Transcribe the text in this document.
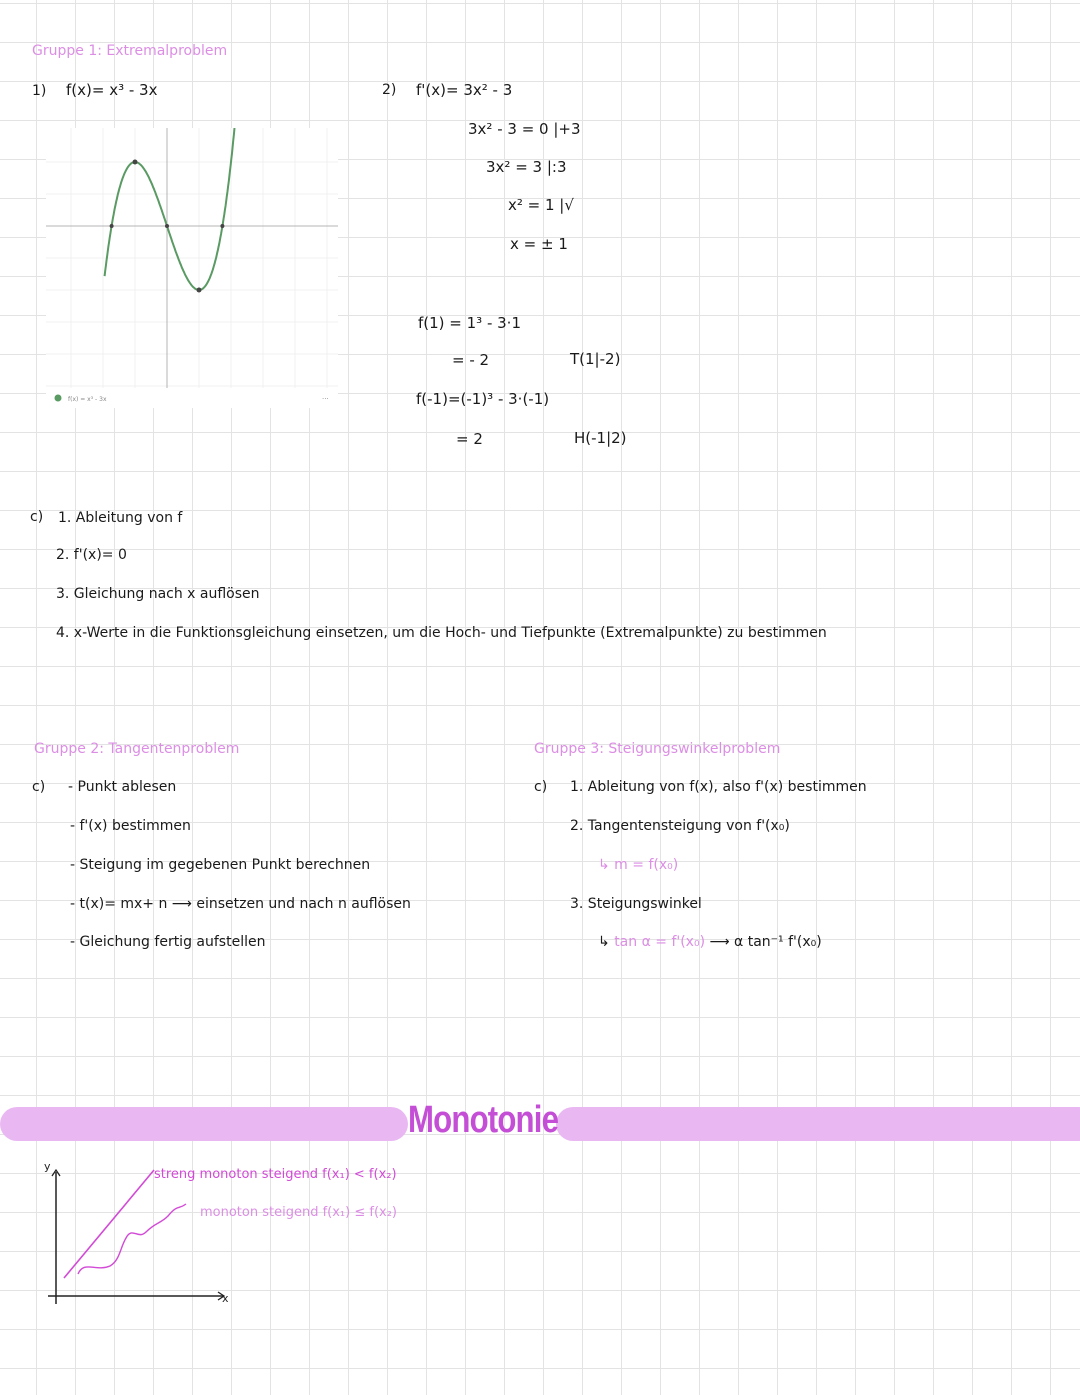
Gruppe 1: Extremalproblem
1) f(x)= x³ - 3x
f(x) = x³ - 3x	···
2) f'(x)= 3x² - 3
3x² - 3 = 0 |+3
3x² = 3 |:3
x² = 1 |√
x = ± 1
f(1) = 1³ - 3·1
= - 2	T(1|-2)
f(-1)=(-1)³ - 3·(-1)
= 2	H(-1|2)
c) 1. Ableitung von f
2. f'(x)= 0
3. Gleichung nach x auflösen
4. x-Werte in die Funktionsgleichung einsetzen, um die Hoch- und Tiefpunkte (Extremalpunkte) zu bestimmen
Gruppe 2: Tangentenproblem
c) - Punkt ablesen
- f'(x) bestimmen
- Steigung im gegebenen Punkt berechnen
- t(x)= mx+ n ⟶ einsetzen und nach n auflösen
- Gleichung fertig aufstellen
Gruppe 3: Steigungswinkelproblem
c) 1. Ableitung von f(x), also f'(x) bestimmen
2. Tangentensteigung von f'(x₀)
↳ m = f(x₀)
3. Steigungswinkel
↳ tan α = f'(x₀) ⟶ α tan⁻¹ f'(x₀)
Monotonie
y
x
streng monoton steigend f(x₁) < f(x₂)
monoton steigend f(x₁) ≤ f(x₂)
